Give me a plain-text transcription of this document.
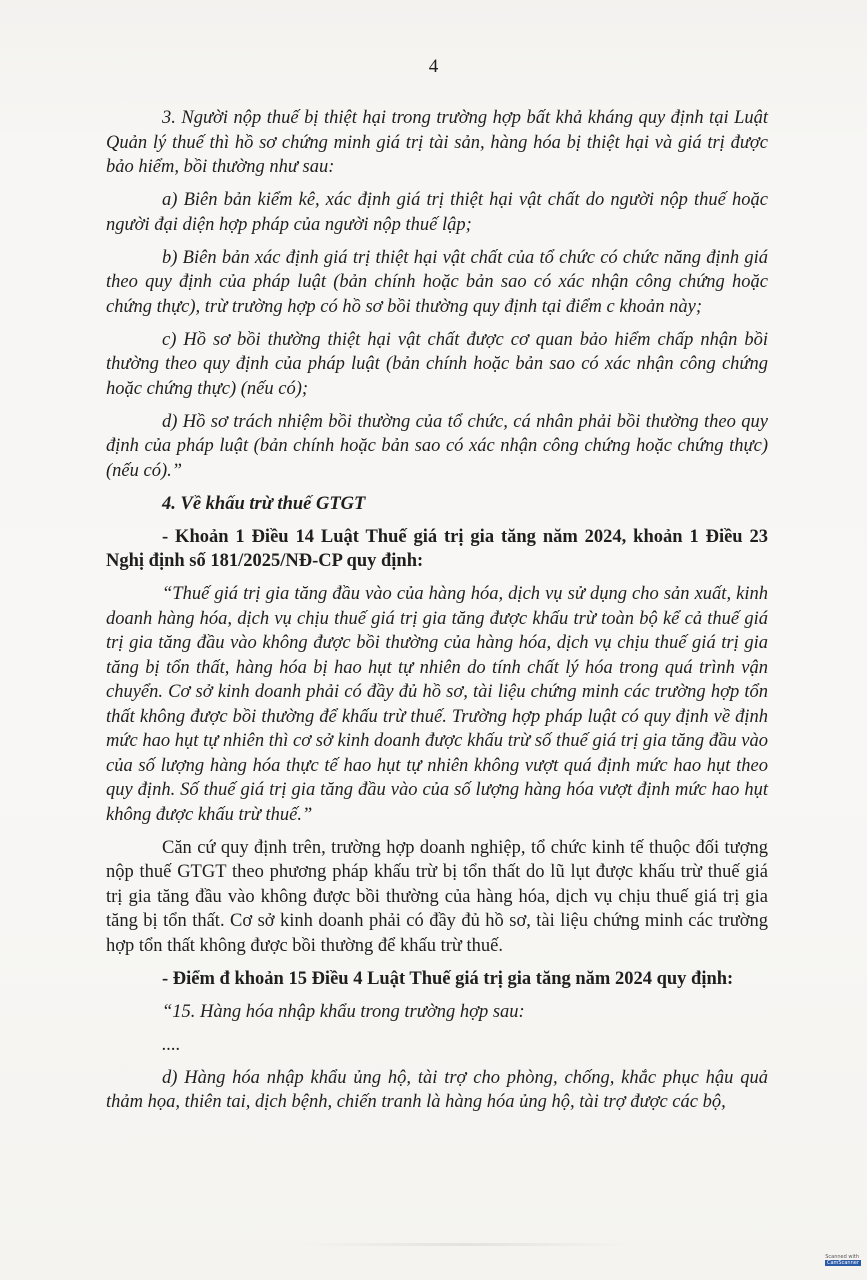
4

3. Người nộp thuế bị thiệt hại trong trường hợp bất khả kháng quy định tại Luật Quản lý thuế thì hồ sơ chứng minh giá trị tài sản, hàng hóa bị thiệt hại và giá trị được bảo hiểm, bồi thường như sau:

a) Biên bản kiểm kê, xác định giá trị thiệt hại vật chất do người nộp thuế hoặc người đại diện hợp pháp của người nộp thuế lập;

b) Biên bản xác định giá trị thiệt hại vật chất của tổ chức có chức năng định giá theo quy định của pháp luật (bản chính hoặc bản sao có xác nhận công chứng hoặc chứng thực), trừ trường hợp có hồ sơ bồi thường quy định tại điểm c khoản này;

c) Hồ sơ bồi thường thiệt hại vật chất được cơ quan bảo hiểm chấp nhận bồi thường theo quy định của pháp luật (bản chính hoặc bản sao có xác nhận công chứng hoặc chứng thực) (nếu có);

d) Hồ sơ trách nhiệm bồi thường của tổ chức, cá nhân phải bồi thường theo quy định của pháp luật (bản chính hoặc bản sao có xác nhận công chứng hoặc chứng thực) (nếu có).”

4. Về khấu trừ thuế GTGT

- Khoản 1 Điều 14 Luật Thuế giá trị gia tăng năm 2024, khoản 1 Điều 23 Nghị định số 181/2025/NĐ-CP quy định:

“Thuế giá trị gia tăng đầu vào của hàng hóa, dịch vụ sử dụng cho sản xuất, kinh doanh hàng hóa, dịch vụ chịu thuế giá trị gia tăng được khấu trừ toàn bộ kể cả thuế giá trị gia tăng đầu vào không được bồi thường của hàng hóa, dịch vụ chịu thuế giá trị gia tăng bị tổn thất, hàng hóa bị hao hụt tự nhiên do tính chất lý hóa trong quá trình vận chuyển. Cơ sở kinh doanh phải có đầy đủ hồ sơ, tài liệu chứng minh các trường hợp tổn thất không được bồi thường để khấu trừ thuế. Trường hợp pháp luật có quy định về định mức hao hụt tự nhiên thì cơ sở kinh doanh được khấu trừ số thuế giá trị gia tăng đầu vào của số lượng hàng hóa thực tế hao hụt tự nhiên không vượt quá định mức hao hụt theo quy định. Số thuế giá trị gia tăng đầu vào của số lượng hàng hóa vượt định mức hao hụt không được khấu trừ thuế.”

Căn cứ quy định trên, trường hợp doanh nghiệp, tổ chức kinh tế thuộc đối tượng nộp thuế GTGT theo phương pháp khấu trừ bị tổn thất do lũ lụt được khấu trừ thuế giá trị gia tăng đầu vào không được bồi thường của hàng hóa, dịch vụ chịu thuế giá trị gia tăng bị tổn thất. Cơ sở kinh doanh phải có đầy đủ hồ sơ, tài liệu chứng minh các trường hợp tổn thất không được bồi thường để khấu trừ thuế.

- Điểm đ khoản 15 Điều 4 Luật Thuế giá trị gia tăng năm 2024 quy định:

“15. Hàng hóa nhập khẩu trong trường hợp sau:

....

d) Hàng hóa nhập khẩu ủng hộ, tài trợ cho phòng, chống, khắc phục hậu quả thảm họa, thiên tai, dịch bệnh, chiến tranh là hàng hóa ủng hộ, tài trợ được các bộ,

Scanned with
CamScanner
